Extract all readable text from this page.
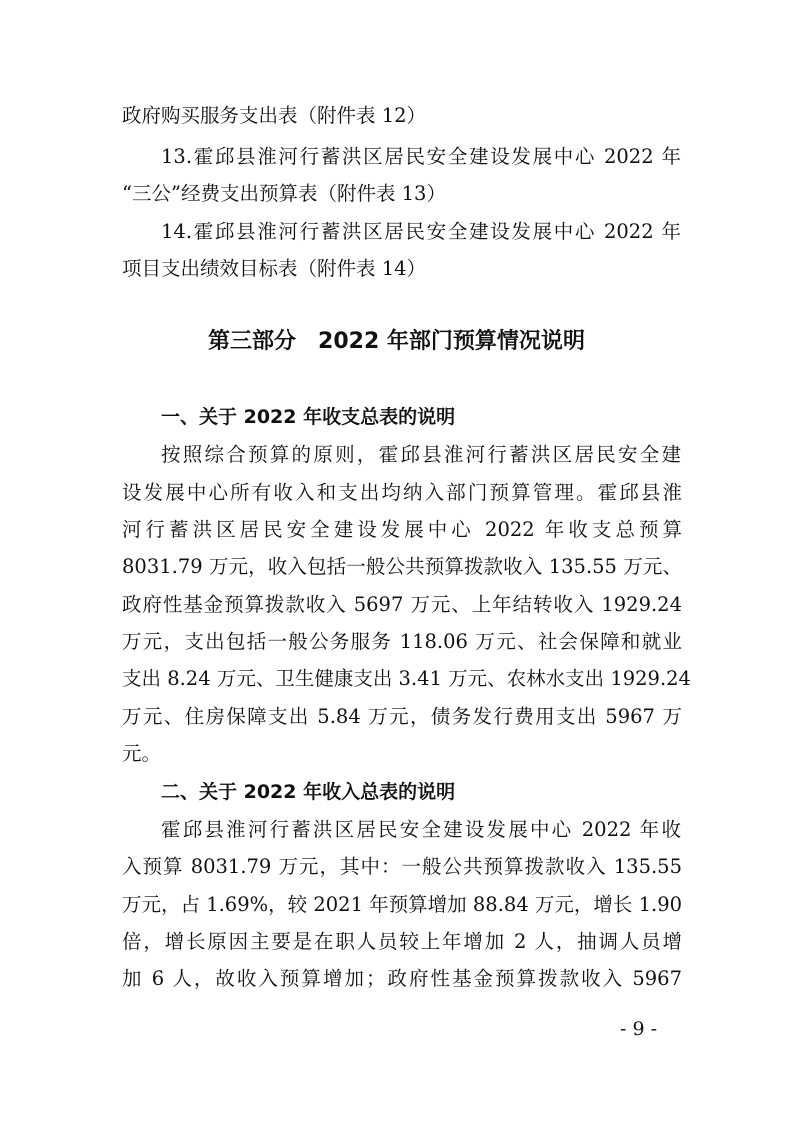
政府购买服务支出表（附件表 12）
13.霍邱县淮河行蓄洪区居民安全建设发展中心 2022 年
“三公”经费支出预算表（附件表 13）
14.霍邱县淮河行蓄洪区居民安全建设发展中心 2022 年
项目支出绩效目标表（附件表 14）
第三部分　2022 年部门预算情况说明
一、关于 2022 年收支总表的说明
按照综合预算的原则，霍邱县淮河行蓄洪区居民安全建
设发展中心所有收入和支出均纳入部门预算管理。霍邱县淮
河行蓄洪区居民安全建设发展中心 2022 年收支总预算
8031.79 万元，收入包括一般公共预算拨款收入 135.55 万元、
政府性基金预算拨款收入 5697 万元、上年结转收入 1929.24
万元，支出包括一般公务服务 118.06 万元、社会保障和就业
支出 8.24 万元、卫生健康支出 3.41 万元、农林水支出 1929.24
万元、住房保障支出 5.84 万元，债务发行费用支出 5967 万
元。
二、关于 2022 年收入总表的说明
霍邱县淮河行蓄洪区居民安全建设发展中心 2022 年收
入预算 8031.79 万元，其中：一般公共预算拨款收入 135.55
万元，占 1.69%，较 2021 年预算增加 88.84 万元，增长 1.90
倍，增长原因主要是在职人员较上年增加 2 人，抽调人员增
加 6 人，故收入预算增加；政府性基金预算拨款收入 5967
- 9 -
